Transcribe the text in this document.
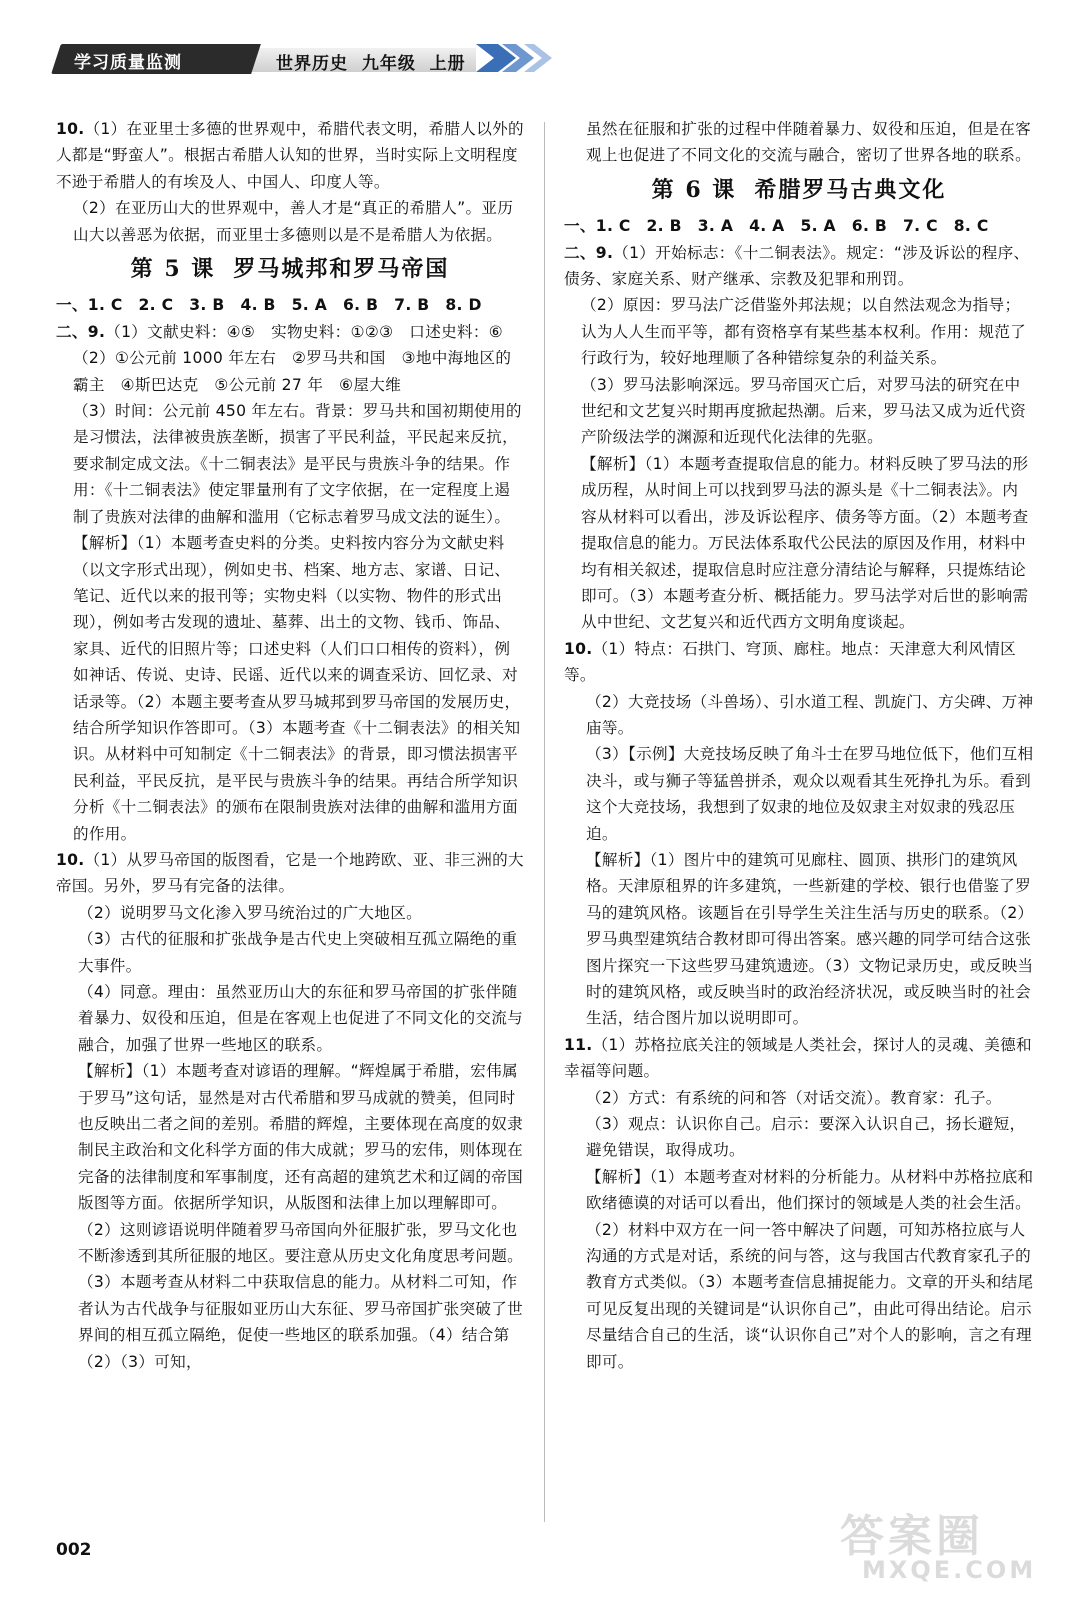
学习质量监测	世界历史  九年级  上册

10.（1）在亚里士多德的世界观中，希腊代表文明，希腊人以外的人都是“野蛮人”。根据古希腊人认知的世界，当时实际上文明程度不逊于希腊人的有埃及人、中国人、印度人等。

（2）在亚历山大的世界观中，善人才是“真正的希腊人”。亚历山大以善恶为依据，而亚里士多德则以是不是希腊人为依据。

第 5 课 罗马城邦和罗马帝国

一、1. C　2. C　3. B　4. B　5. A　6. B　7. B　8. D

二、9.（1）文献史料：④⑤　实物史料：①②③　口述史料：⑥

（2）①公元前 1000 年左右　②罗马共和国　③地中海地区的霸主　④斯巴达克　⑤公元前 27 年　⑥屋大维

（3）时间：公元前 450 年左右。背景：罗马共和国初期使用的是习惯法，法律被贵族垄断，损害了平民利益，平民起来反抗，要求制定成文法。《十二铜表法》是平民与贵族斗争的结果。作用：《十二铜表法》使定罪量刑有了文字依据，在一定程度上遏制了贵族对法律的曲解和滥用（它标志着罗马成文法的诞生）。

【解析】（1）本题考查史料的分类。史料按内容分为文献史料（以文字形式出现），例如史书、档案、地方志、家谱、日记、笔记、近代以来的报刊等；实物史料（以实物、物件的形式出现），例如考古发现的遗址、墓葬、出土的文物、钱币、饰品、家具、近代的旧照片等；口述史料（人们口口相传的资料），例如神话、传说、史诗、民谣、近代以来的调查采访、回忆录、对话录等。（2）本题主要考查从罗马城邦到罗马帝国的发展历史，结合所学知识作答即可。（3）本题考查《十二铜表法》的相关知识。从材料中可知制定《十二铜表法》的背景，即习惯法损害平民利益，平民反抗，是平民与贵族斗争的结果。再结合所学知识分析《十二铜表法》的颁布在限制贵族对法律的曲解和滥用方面的作用。

10.（1）从罗马帝国的版图看，它是一个地跨欧、亚、非三洲的大帝国。另外，罗马有完备的法律。

（2）说明罗马文化渗入罗马统治过的广大地区。

（3）古代的征服和扩张战争是古代史上突破相互孤立隔绝的重大事件。

（4）同意。理由：虽然亚历山大的东征和罗马帝国的扩张伴随着暴力、奴役和压迫，但是在客观上也促进了不同文化的交流与融合，加强了世界一些地区的联系。

【解析】（1）本题考查对谚语的理解。“辉煌属于希腊，宏伟属于罗马”这句话，显然是对古代希腊和罗马成就的赞美，但同时也反映出二者之间的差别。希腊的辉煌，主要体现在高度的奴隶制民主政治和文化科学方面的伟大成就；罗马的宏伟，则体现在完备的法律制度和军事制度，还有高超的建筑艺术和辽阔的帝国版图等方面。依据所学知识，从版图和法律上加以理解即可。（2）这则谚语说明伴随着罗马帝国向外征服扩张，罗马文化也不断渗透到其所征服的地区。要注意从历史文化角度思考问题。（3）本题考查从材料二中获取信息的能力。从材料二可知，作者认为古代战争与征服如亚历山大东征、罗马帝国扩张突破了世界间的相互孤立隔绝，促使一些地区的联系加强。（4）结合第（2）（3）可知，

虽然在征服和扩张的过程中伴随着暴力、奴役和压迫，但是在客观上也促进了不同文化的交流与融合，密切了世界各地的联系。

第 6 课 希腊罗马古典文化

一、1. C　2. B　3. A　4. A　5. A　6. B　7. C　8. C

二、9.（1）开始标志：《十二铜表法》。规定：“涉及诉讼的程序、债务、家庭关系、财产继承、宗教及犯罪和刑罚。

（2）原因：罗马法广泛借鉴外邦法规；以自然法观念为指导；认为人人生而平等，都有资格享有某些基本权利。作用：规范了行政行为，较好地理顺了各种错综复杂的利益关系。

（3）罗马法影响深远。罗马帝国灭亡后，对罗马法的研究在中世纪和文艺复兴时期再度掀起热潮。后来，罗马法又成为近代资产阶级法学的渊源和近现代化法律的先驱。

【解析】（1）本题考查提取信息的能力。材料反映了罗马法的形成历程，从时间上可以找到罗马法的源头是《十二铜表法》。内容从材料可以看出，涉及诉讼程序、债务等方面。（2）本题考查提取信息的能力。万民法体系取代公民法的原因及作用，材料中均有相关叙述，提取信息时应注意分清结论与解释，只提炼结论即可。（3）本题考查分析、概括能力。罗马法学对后世的影响需从中世纪、文艺复兴和近代西方文明角度谈起。

10.（1）特点：石拱门、穹顶、廊柱。地点：天津意大利风情区等。

（2）大竞技场（斗兽场）、引水道工程、凯旋门、方尖碑、万神庙等。

（3）【示例】大竞技场反映了角斗士在罗马地位低下，他们互相决斗，或与狮子等猛兽拼杀，观众以观看其生死挣扎为乐。看到这个大竞技场，我想到了奴隶的地位及奴隶主对奴隶的残忍压迫。

【解析】（1）图片中的建筑可见廊柱、圆顶、拱形门的建筑风格。天津原租界的许多建筑，一些新建的学校、银行也借鉴了罗马的建筑风格。该题旨在引导学生关注生活与历史的联系。（2）罗马典型建筑结合教材即可得出答案。感兴趣的同学可结合这张图片探究一下这些罗马建筑遗迹。（3）文物记录历史，或反映当时的建筑风格，或反映当时的政治经济状况，或反映当时的社会生活，结合图片加以说明即可。

11.（1）苏格拉底关注的领域是人类社会，探讨人的灵魂、美德和幸福等问题。

（2）方式：有系统的问和答（对话交流）。教育家：孔子。

（3）观点：认识你自己。启示：要深入认识自己，扬长避短，避免错误，取得成功。

【解析】（1）本题考查对材料的分析能力。从材料中苏格拉底和欧绪德谟的对话可以看出，他们探讨的领域是人类的社会生活。（2）材料中双方在一问一答中解决了问题，可知苏格拉底与人沟通的方式是对话，系统的问与答，这与我国古代教育家孔子的教育方式类似。（3）本题考查信息捕捉能力。文章的开头和结尾可见反复出现的关键词是“认识你自己”，由此可得出结论。启示尽量结合自己的生活，谈“认识你自己”对个人的影响，言之有理即可。

002	答案圈
MXQE.COM
